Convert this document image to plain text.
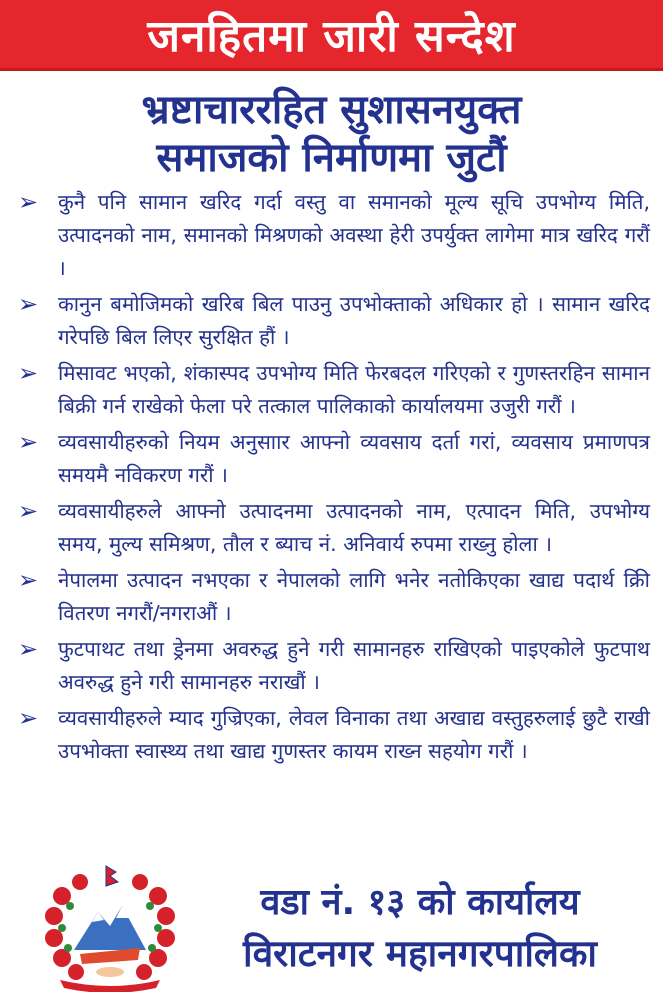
जनहितमा जारी सन्देश
भ्रष्टाचाररहित सुशासनयुक्त
समाजको निर्माणमा जुटौं
➢ कुनै पनि सामान खरिद गर्दा वस्तु वा समानको मूल्य सूचि उपभोग्य मिति, उत्पादनको नाम, समानको मिश्रणको अवस्था हेरी उपर्युक्त लागेमा मात्र खरिद गरौं ।
➢ कानुन बमोजिमको खरिब बिल पाउनु उपभोक्ताको अधिकार हो । सामान खरिद गरेपछि बिल लिएर सुरक्षित हौं ।
➢ मिसावट भएको, शंकास्पद उपभोग्य मिति फेरबदल गरिएको र गुणस्तरहिन सामान बिक्री गर्न राखेको फेला परे तत्काल पालिकाको कार्यालयमा उजुरी गरौं ।
➢ व्यवसायीहरुको नियम अनुसाार आफ्नो व्यवसाय दर्ता गरां, व्यवसाय प्रमाणपत्र समयमै नविकरण गरौं ।
➢ व्यवसायीहरुले आफ्नो उत्पादनमा उत्पादनको नाम, एत्पादन मिति, उपभोग्य समय, मुल्य समिश्रण, तौल र ब्याच नं. अनिवार्य रुपमा राख्नु होला ।
➢ नेपालमा उत्पादन नभएका र नेपालको लागि भनेर नतोकिएका खाद्य पदार्थ क्रिी वितरण नगरौं/नगराऔं ।
➢ फुटपाथट तथा ड्रेनमा अवरुद्ध हुने गरी सामानहरु राखिएको पाइएकोले फुटपाथ अवरुद्ध हुने गरी सामानहरु नराखौं ।
➢ व्यवसायीहरुले म्याद गुज्रिएका, लेवल विनाका तथा अखाद्य वस्तुहरुलाई छुटै राखी उपभोक्ता स्वास्थ्य तथा खाद्य गुणस्तर कायम राख्न सहयोग गरौं ।
वडा नं. १३ को कार्यालय
विराटनगर महानगरपालिका
